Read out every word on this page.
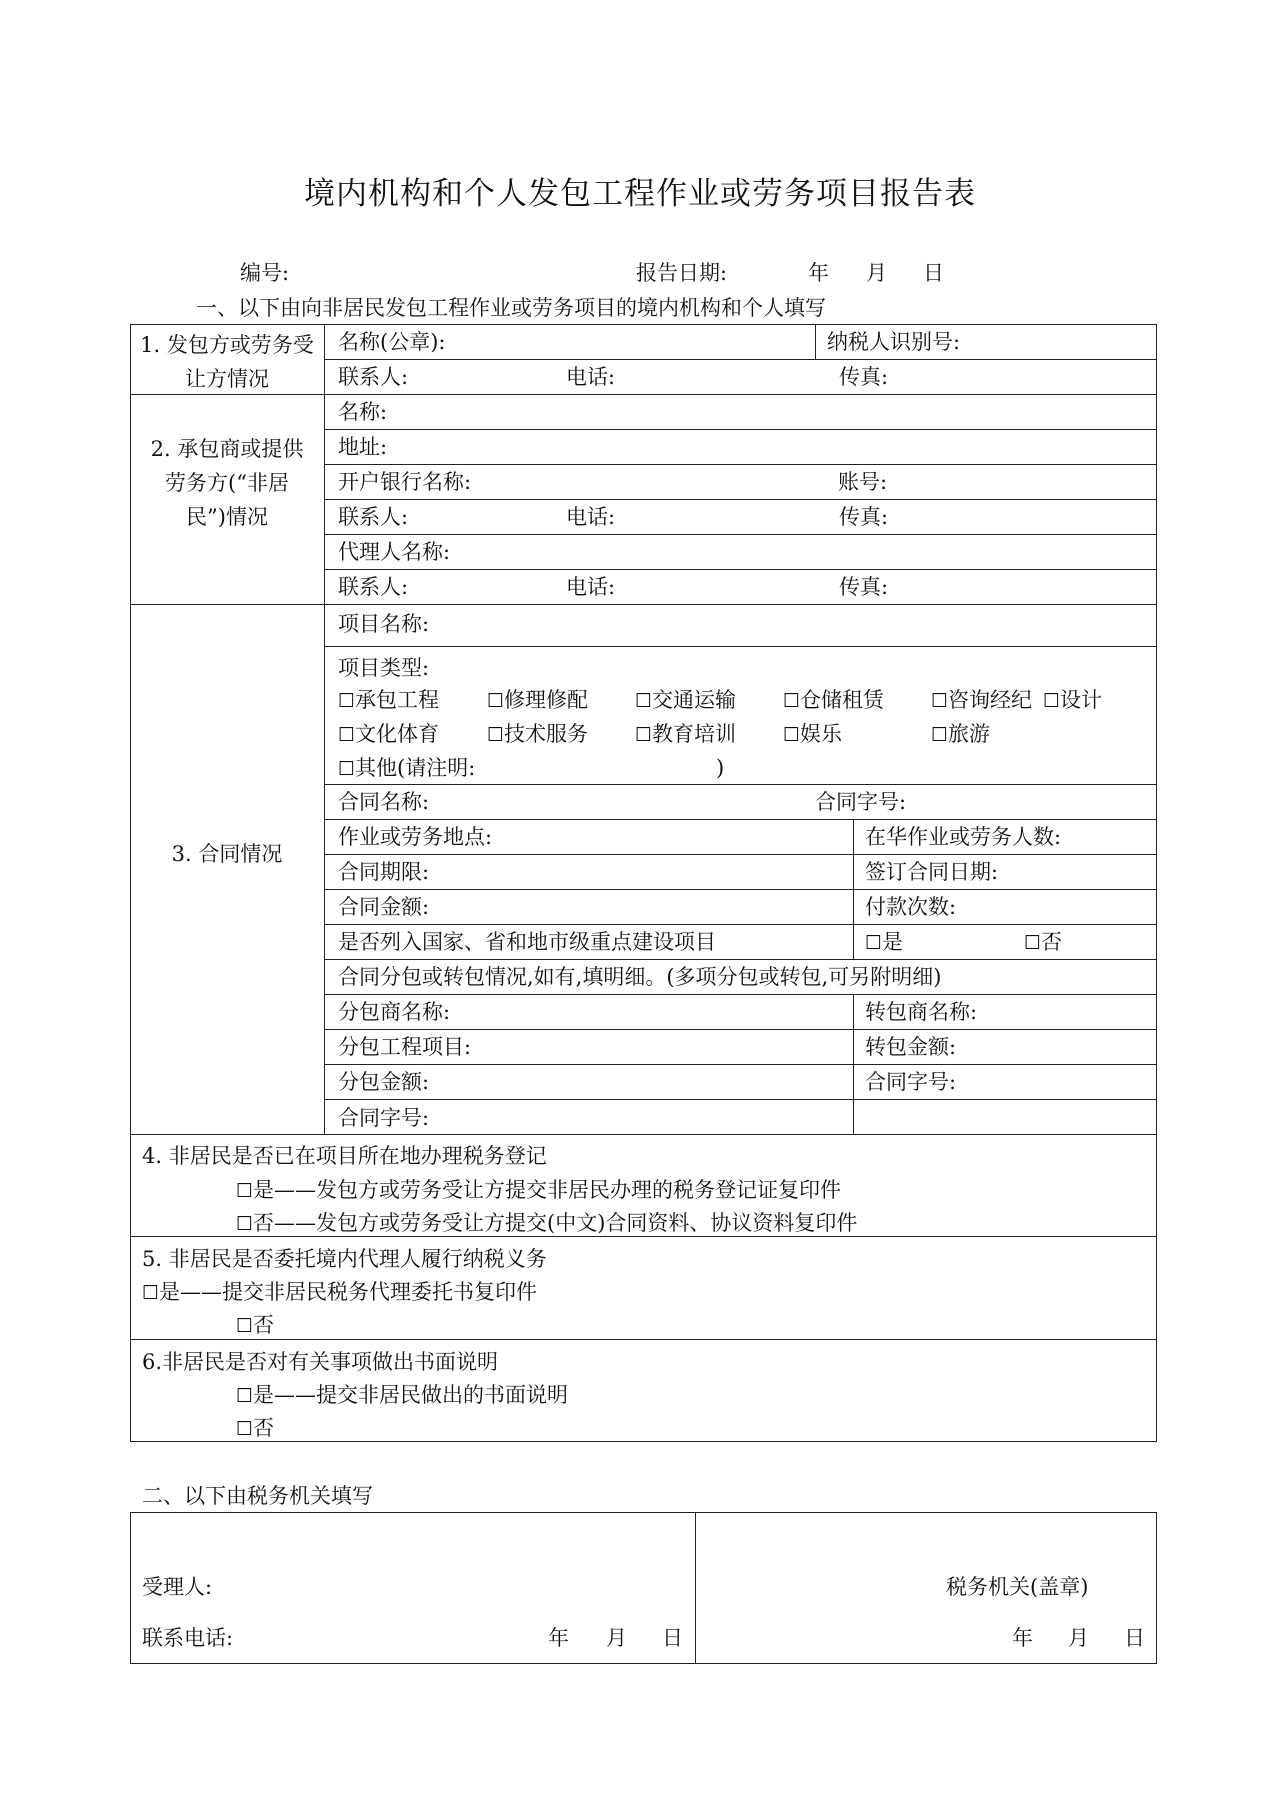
境内机构和个人发包工程作业或劳务项目报告表
编号:	报告日期:	年 月 日
一、以下由向非居民发包工程作业或劳务项目的境内机构和个人填写
1. 发包方或劳务受让方情况
名称(公章):	纳税人识别号:
联系人:	电话:	传真:
2. 承包商或提供劳务方(“非居民”)情况
名称:
地址:
开户银行名称:	账号:
联系人:	电话:	传真:
代理人名称:
联系人:	电话:	传真:
3. 合同情况
项目名称:
项目类型:
☐ 承包工程	☐ 修理修配	☐ 交通运输	☐ 仓储租赁	☐ 咨询经纪	☐ 设计
☐ 文化体育	☐ 技术服务	☐ 教育培训	☐ 娱乐	☐ 旅游
☐ 其他(请注明:	)
合同名称:	合同字号:
作业或劳务地点:	在华作业或劳务人数:
合同期限:	签订合同日期:
合同金额:	付款次数:
是否列入国家、省和地市级重点建设项目	☐ 是	☐ 否
合同分包或转包情况,如有,填明细。(多项分包或转包,可另附明细)
分包商名称:	转包商名称:
分包工程项目:	转包金额:
分包金额:	合同字号:
合同字号:
4. 非居民是否已在项目所在地办理税务登记
☐ 是——发包方或劳务受让方提交非居民办理的税务登记证复印件
☐ 否——发包方或劳务受让方提交(中文)合同资料、协议资料复印件
5. 非居民是否委托境内代理人履行纳税义务
☐ 是——提交非居民税务代理委托书复印件
☐ 否
6.非居民是否对有关事项做出书面说明
☐ 是——提交非居民做出的书面说明
☐ 否
二、以下由税务机关填写
受理人:
联系电话:	年 月 日
税务机关(盖章)
年 月 日
